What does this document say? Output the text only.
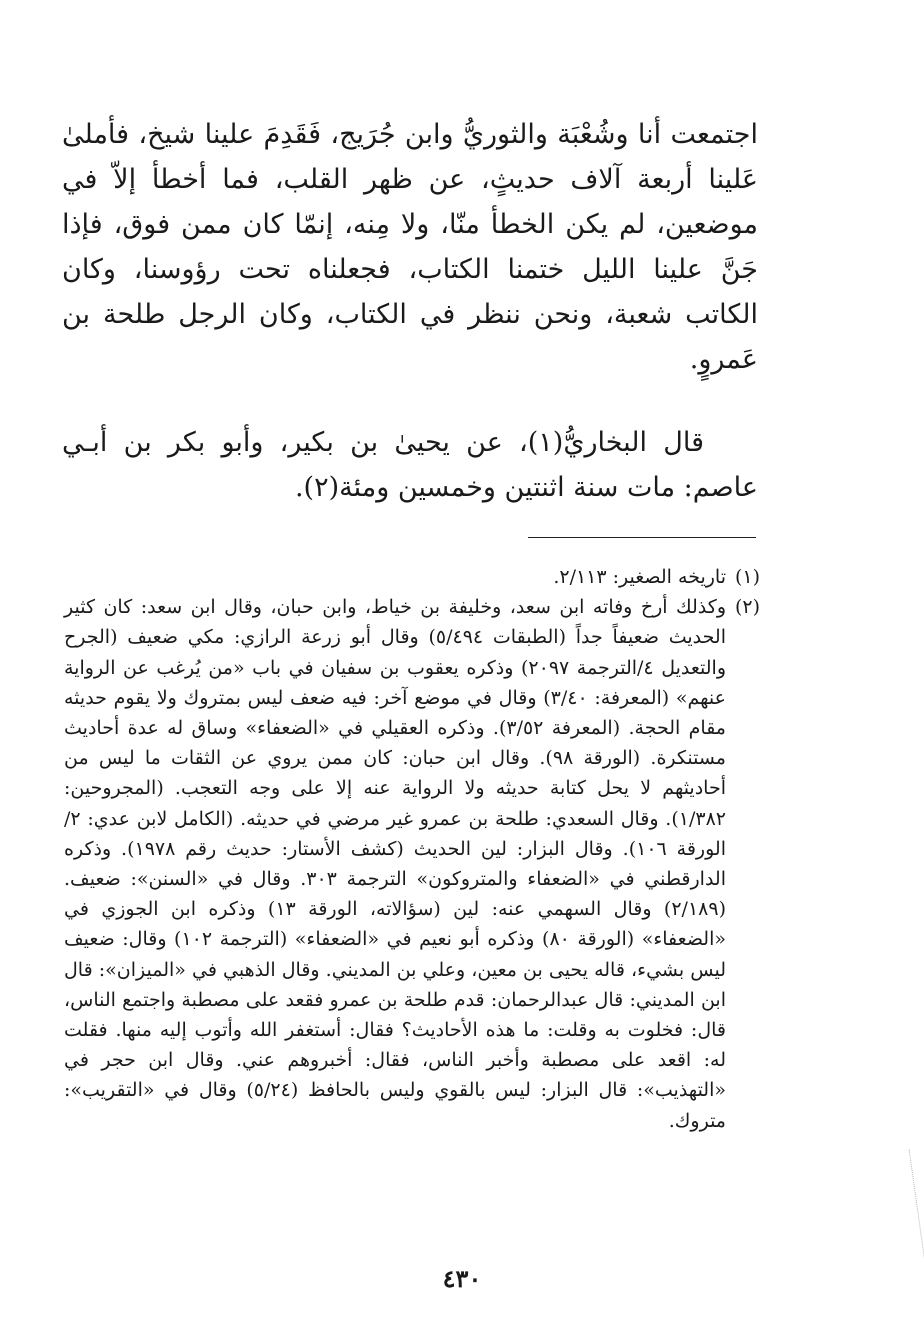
اجتمعت أنا وشُعْبَة والثوريُّ وابن جُرَيج، فَقَدِمَ علينا شيخ، فأملىٰ عَلينا أربعة آلاف حديثٍ، عن ظهر القلب، فما أخطأ إلاّ في موضعين، لم يكن الخطأ منّا، ولا مِنه، إنمّا كان ممن فوق، فإذا جَنَّ علينا الليل ختمنا الكتاب، فجعلناه تحت رؤوسنا، وكان الكاتب شعبة، ونحن ننظر في الكتاب، وكان الرجل طلحة بن عَمروٍ.

قال البخاريُّ(١)، عن يحيىٰ بن بكير، وأبو بكر بن أبـي عاصم: مات سنة اثنتين وخمسين ومئة(٢).

(١)
تاريخه الصغير: ٢/١١٣.
(٢)
وكذلك أرخ وفاته ابن سعد، وخليفة بن خياط، وابن حبان، وقال ابن سعد: كان كثير الحديث ضعيفاً جداً (الطبقات ٥/٤٩٤) وقال أبو زرعة الرازي: مكي ضعيف (الجرح والتعديل ٤/الترجمة ٢٠٩٧) وذكره يعقوب بن سفيان في باب «من يُرغب عن الرواية عنهم» (المعرفة: ٣/٤٠) وقال في موضع آخر: فيه ضعف ليس بمتروك ولا يقوم حديثه مقام الحجة. (المعرفة ٣/٥٢). وذكره العقيلي في «الضعفاء» وساق له عدة أحاديث مستنكرة. (الورقة ٩٨). وقال ابن حبان: كان ممن يروي عن الثقات ما ليس من أحاديثهم لا يحل كتابة حديثه ولا الرواية عنه إلا على وجه التعجب. (المجروحين: ١/٣٨٢). وقال السعدي: طلحة بن عمرو غير مرضي في حديثه. (الكامل لابن عدي: ٢/الورقة ١٠٦). وقال البزار: لين الحديث (كشف الأستار: حديث رقم ١٩٧٨). وذكره الدارقطني في «الضعفاء والمتروكون» الترجمة ٣٠٣. وقال في «السنن»: ضعيف. (٢/١٨٩) وقال السهمي عنه: لين (سؤالاته، الورقة ١٣) وذكره ابن الجوزي في «الضعفاء» (الورقة ٨٠) وذكره أبو نعيم في «الضعفاء» (الترجمة ١٠٢) وقال: ضعيف ليس بشيء، قاله يحيى بن معين، وعلي بن المديني. وقال الذهبي في «الميزان»: قال ابن المديني: قال عبدالرحمان: قدم طلحة بن عمرو فقعد على مصطبة واجتمع الناس، قال: فخلوت به وقلت: ما هذه الأحاديث؟ فقال: أستغفر الله وأتوب إليه منها. فقلت له: اقعد على مصطبة وأخبر الناس، فقال: أخبروهم عني. وقال ابن حجر في «التهذيب»: قال البزار: ليس بالقوي وليس بالحافظ (٥/٢٤) وقال في «التقريب»: متروك.
٤٣٠
